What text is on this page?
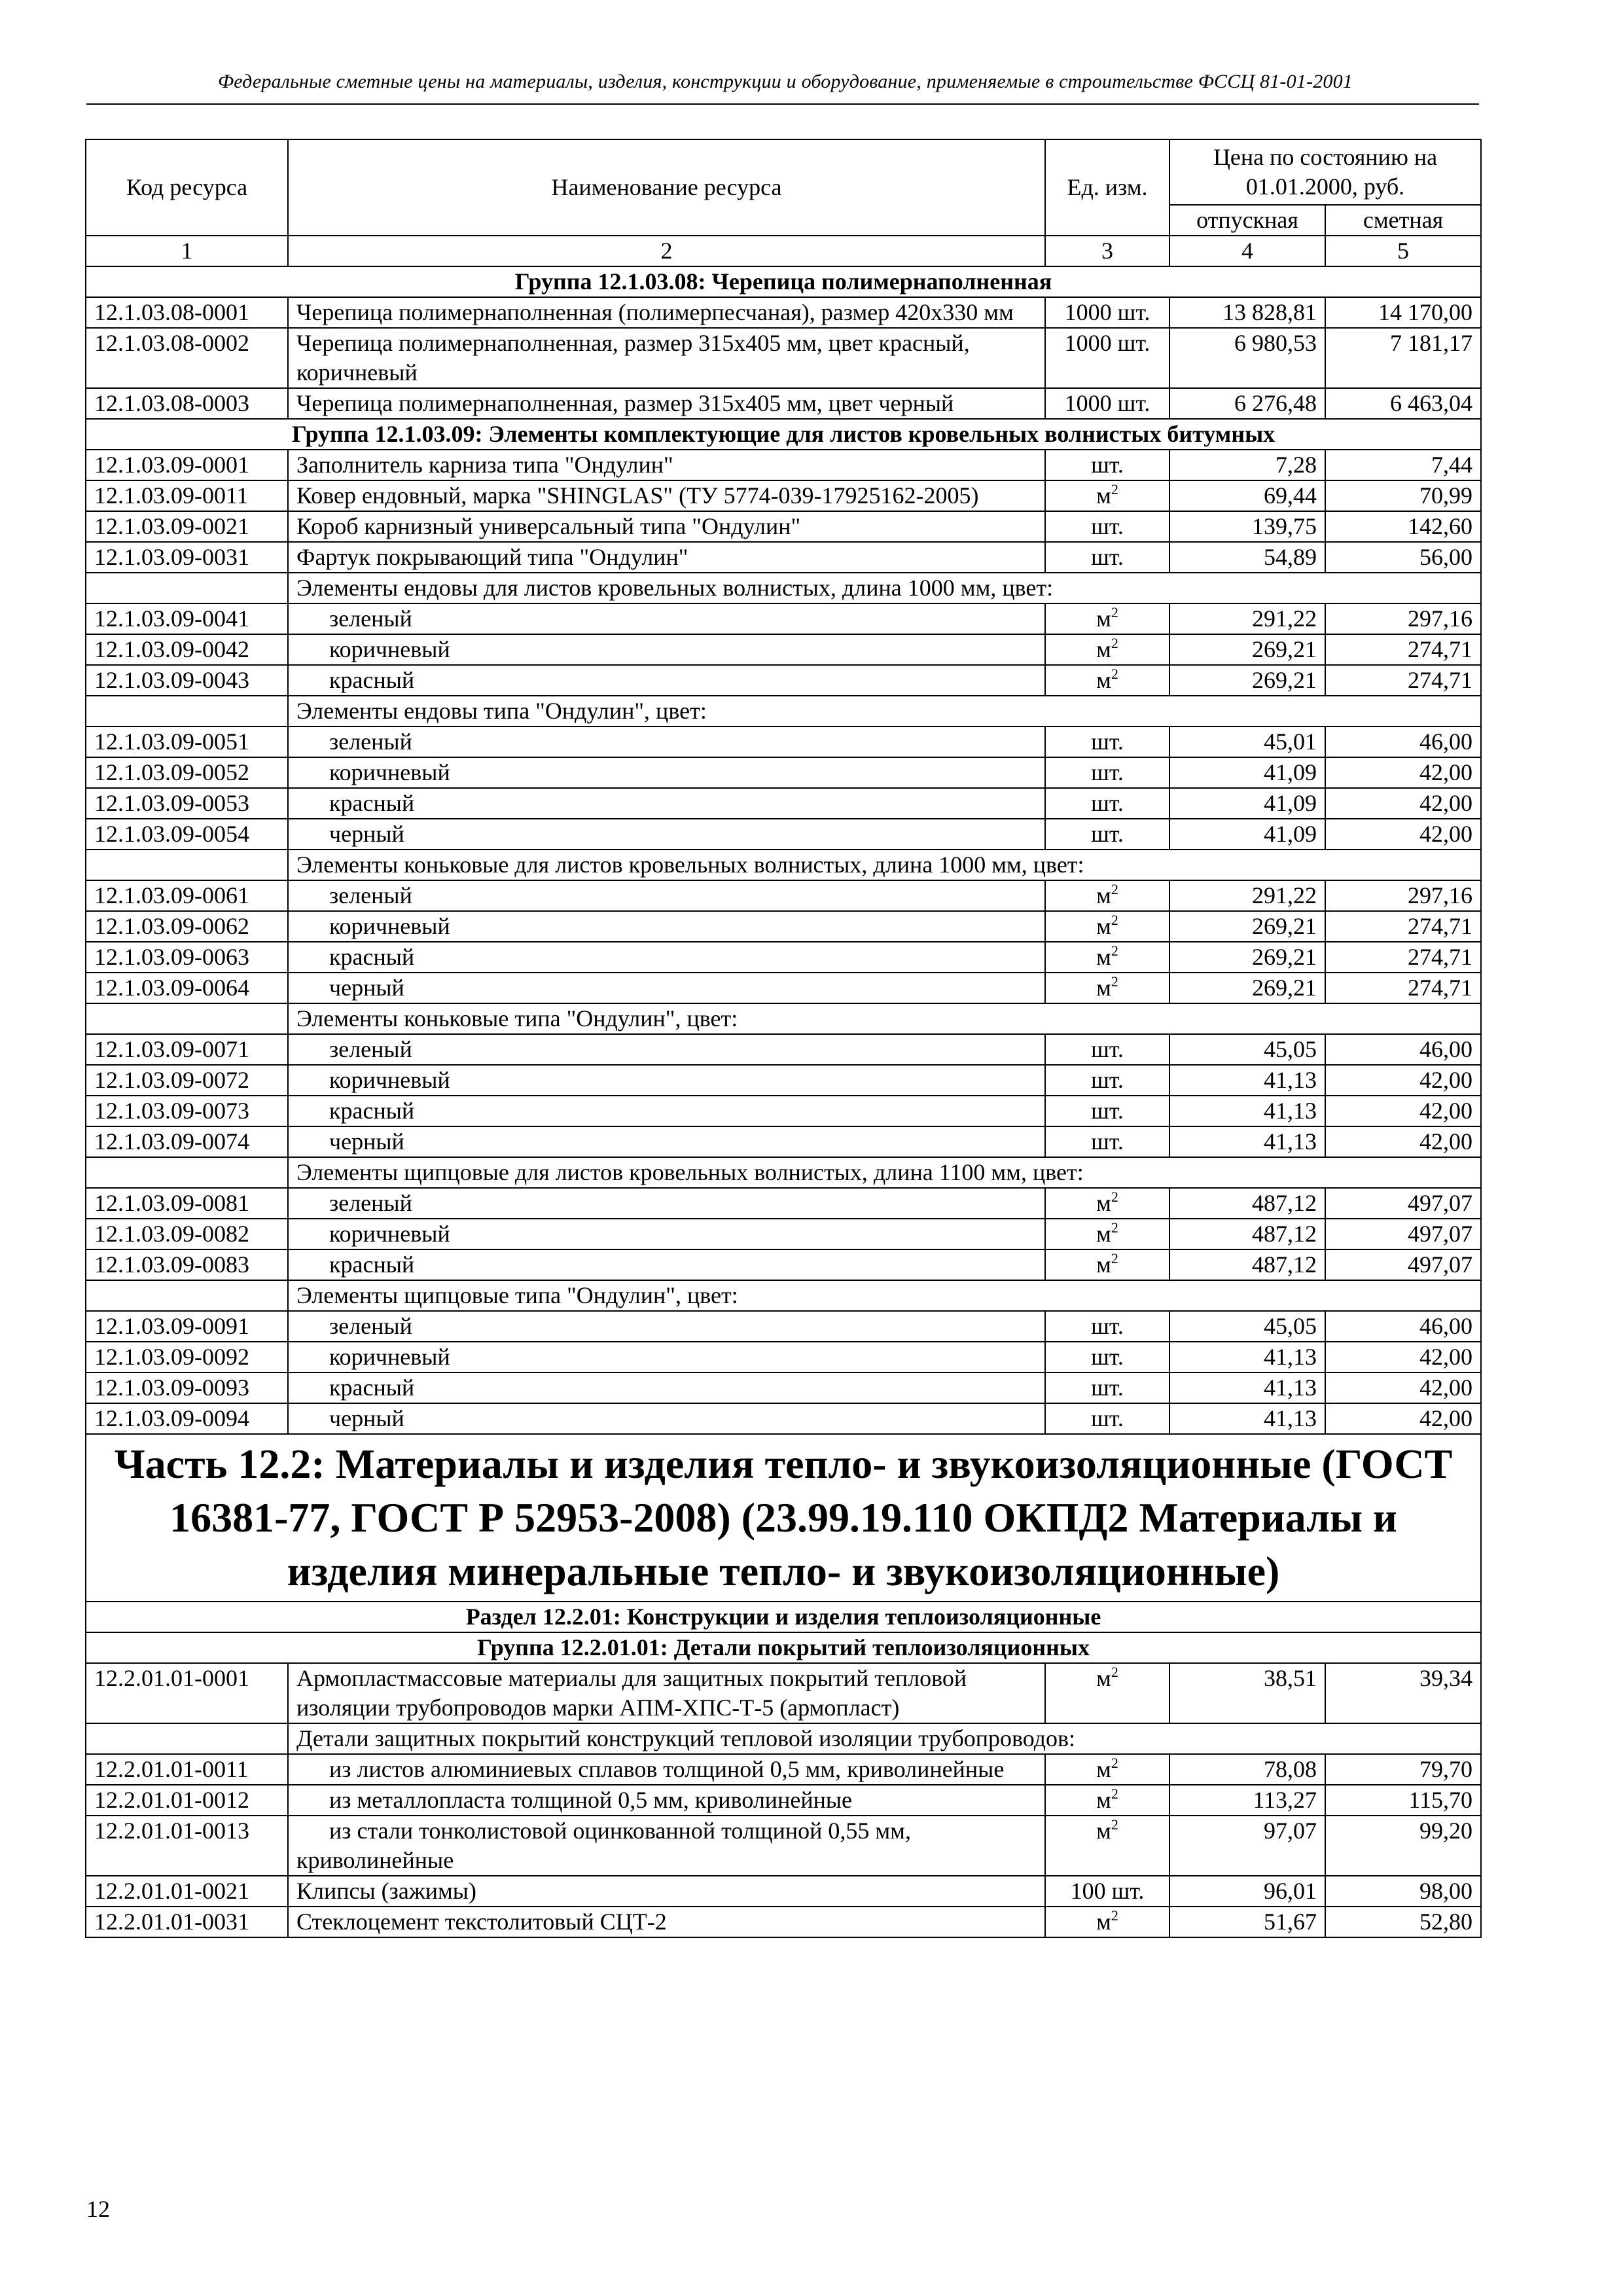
Федеральные сметные цены на материалы, изделия, конструкции и оборудование, применяемые в строительстве ФССЦ 81-01-2001
Код ресурса	Наименование ресурса	Ед. изм.	Цена по состоянию на 01.01.2000, руб.	
			отпускная	сметная
1	2	3	4	5
Группа 12.1.03.08: Черепица полимернаполненная				
12.1.03.08-0001	Черепица полимернаполненная (полимерпесчаная), размер 420х330 мм	1000 шт.	13 828,81	14 170,00
12.1.03.08-0002	Черепица полимернаполненная, размер 315х405 мм, цвет красный, коричневый	1000 шт.	6 980,53	7 181,17
12.1.03.08-0003	Черепица полимернаполненная, размер 315х405 мм, цвет черный	1000 шт.	6 276,48	6 463,04
Группа 12.1.03.09: Элементы комплектующие для листов кровельных волнистых битумных				
12.1.03.09-0001	Заполнитель карниза типа "Ондулин"	шт.	7,28	7,44
12.1.03.09-0011	Ковер ендовный, марка "SHINGLAS" (ТУ 5774-039-17925162-2005)	$м^2$	69,44	70,99
12.1.03.09-0021	Короб карнизный универсальный типа "Ондулин"	шт.	139,75	142,60
12.1.03.09-0031	Фартук покрывающий типа "Ондулин"	шт.	54,89	56,00
	Элементы ендовы для листов кровельных волнистых, длина 1000 мм, цвет:			
12.1.03.09-0041	зеленый	$м^2$	291,22	297,16
12.1.03.09-0042	коричневый	$м^2$	269,21	274,71
12.1.03.09-0043	красный	$м^2$	269,21	274,71
	Элементы ендовы типа "Ондулин", цвет:			
12.1.03.09-0051	зеленый	шт.	45,01	46,00
12.1.03.09-0052	коричневый	шт.	41,09	42,00
12.1.03.09-0053	красный	шт.	41,09	42,00
12.1.03.09-0054	черный	шт.	41,09	42,00
	Элементы коньковые для листов кровельных волнистых, длина 1000 мм, цвет:			
12.1.03.09-0061	зеленый	$м^2$	291,22	297,16
12.1.03.09-0062	коричневый	$м^2$	269,21	274,71
12.1.03.09-0063	красный	$м^2$	269,21	274,71
12.1.03.09-0064	черный	$м^2$	269,21	274,71
	Элементы коньковые типа "Ондулин", цвет:			
12.1.03.09-0071	зеленый	шт.	45,05	46,00
12.1.03.09-0072	коричневый	шт.	41,13	42,00
12.1.03.09-0073	красный	шт.	41,13	42,00
12.1.03.09-0074	черный	шт.	41,13	42,00
	Элементы щипцовые для листов кровельных волнистых, длина 1100 мм, цвет:			
12.1.03.09-0081	зеленый	$м^2$	487,12	497,07
12.1.03.09-0082	коричневый	$м^2$	487,12	497,07
12.1.03.09-0083	красный	$м^2$	487,12	497,07
	Элементы щипцовые типа "Ондулин", цвет:			
12.1.03.09-0091	зеленый	шт.	45,05	46,00
12.1.03.09-0092	коричневый	шт.	41,13	42,00
12.1.03.09-0093	красный	шт.	41,13	42,00
12.1.03.09-0094	черный	шт.	41,13	42,00
Часть 12.2: Материалы и изделия тепло- и звукоизоляционные (ГОСТ 16381-77, ГОСТ Р 52953-2008) (23.99.19.110 ОКПД2 Материалы и изделия минеральные тепло- и звукоизоляционные)				
Раздел 12.2.01: Конструкции и изделия теплоизоляционные				
Группа 12.2.01.01: Детали покрытий теплоизоляционных				
12.2.01.01-0001	Армопластмассовые материалы для защитных покрытий тепловой изоляции трубопроводов марки АПМ-ХПС-Т-5 (армопласт)	$м^2$	38,51	39,34
	Детали защитных покрытий конструкций тепловой изоляции трубопроводов:			
12.2.01.01-0011	из листов алюминиевых сплавов толщиной 0,5 мм, криволинейные	$м^2$	78,08	79,70
12.2.01.01-0012	из металлопласта толщиной 0,5 мм, криволинейные	$м^2$	113,27	115,70
12.2.01.01-0013	из стали тонколистовой оцинкованной толщиной 0,55 мм, криволинейные	$м^2$	97,07	99,20
12.2.01.01-0021	Клипсы (зажимы)	100 шт.	96,01	98,00
12.2.01.01-0031	Стеклоцемент текстолитовый СЦТ-2	$м^2$	51,67	52,80
12
